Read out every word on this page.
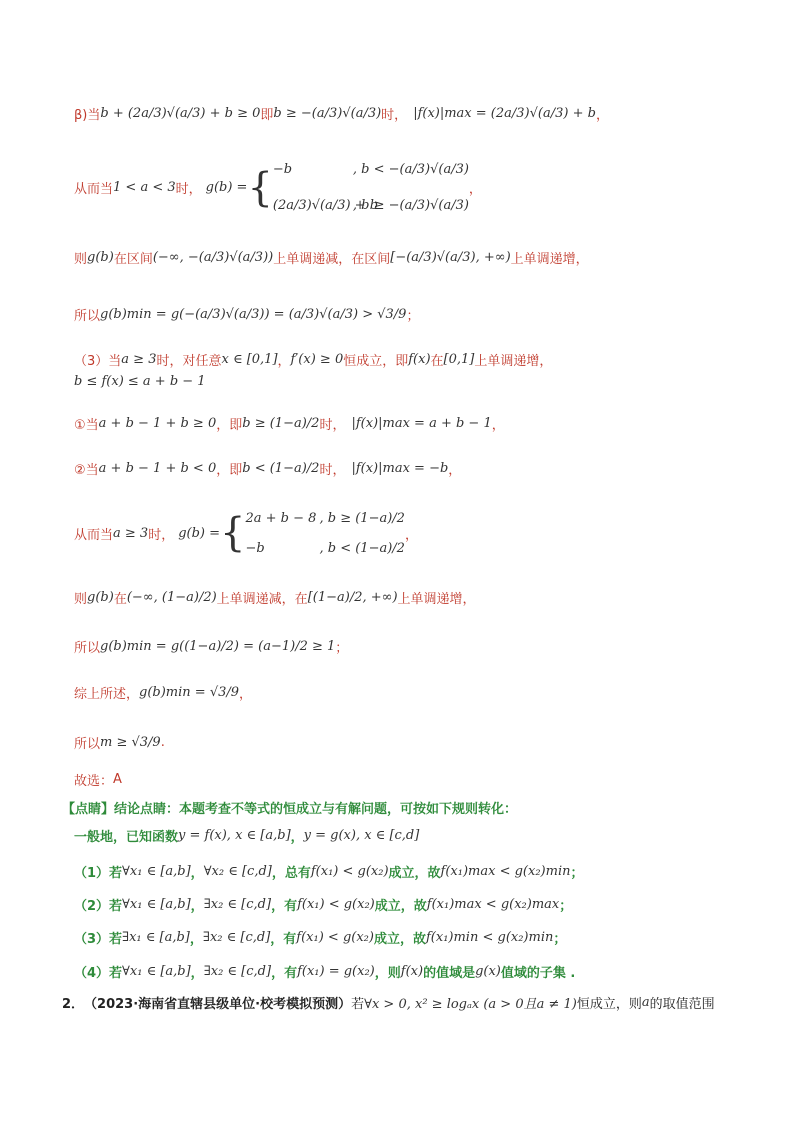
β)当 b + (2a/3)√(a/3) + b ≥ 0 即 b ≥ −(a/3)√(a/3) 时， |f(x)|max = (2a/3)√(a/3) + b ，
从而当 1 < a < 3 时， g(b) = { −b	, b < −(a/3)√(a/3)
(2a/3)√(a/3) + b
, b ≥ −(a/3)√(a/3)
，
则 g(b) 在区间 (−∞, −(a/3)√(a/3)) 上单调递减，在区间 [−(a/3)√(a/3), +∞) 上单调递增，
所以 g(b)min = g(−(a/3)√(a/3)) = (a/3)√(a/3) > √3/9 ；
（3）当 a ≥ 3 时，对任意 x ∈ [0,1] ， f′(x) ≥ 0 恒成立，即 f(x) 在 [0,1] 上单调递增，
b ≤ f(x) ≤ a + b − 1
①当 a + b − 1 + b ≥ 0 ，即 b ≥ (1−a)/2 时， |f(x)|max = a + b − 1 ，
②当 a + b − 1 + b < 0 ，即 b < (1−a)/2 时， |f(x)|max = −b ，
从而当 a ≥ 3 时， g(b) = { 2a + b − 8 , b ≥ (1−a)/2
−b	, b < (1−a)/2
，
则 g(b) 在 (−∞, (1−a)/2) 上单调递减，在 [(1−a)/2, +∞) 上单调递增，
所以 g(b)min = g((1−a)/2) = (a−1)/2 ≥ 1 ；
综上所述， g(b)min = √3/9 ，
所以 m ≥ √3/9 .
故选： A
【点睛】结论点睛：本题考查不等式的恒成立与有解问题，可按如下规则转化：
一般地，已知函数 y = f(x), x ∈ [a,b] ， y = g(x), x ∈ [c,d]
（1）若 ∀x₁ ∈ [a,b] ， ∀x₂ ∈ [c,d] ，总有 f(x₁) < g(x₂) 成立，故 f(x₁)max < g(x₂)min ；
（2）若 ∀x₁ ∈ [a,b] ， ∃x₂ ∈ [c,d] ，有 f(x₁) < g(x₂) 成立，故 f(x₁)max < g(x₂)max ；
（3）若 ∃x₁ ∈ [a,b] ， ∃x₂ ∈ [c,d] ，有 f(x₁) < g(x₂) 成立，故 f(x₁)min < g(x₂)min ；
（4）若 ∀x₁ ∈ [a,b] ， ∃x₂ ∈ [c,d] ，有 f(x₁) = g(x₂) ，则 f(x) 的值域是 g(x) 值域的子集 .
2． （2023·海南省直辖县级单位·校考模拟预测） 若 ∀x > 0, x² ≥ logₐx (a > 0且a ≠ 1) 恒成立，则 a 的取值范围
